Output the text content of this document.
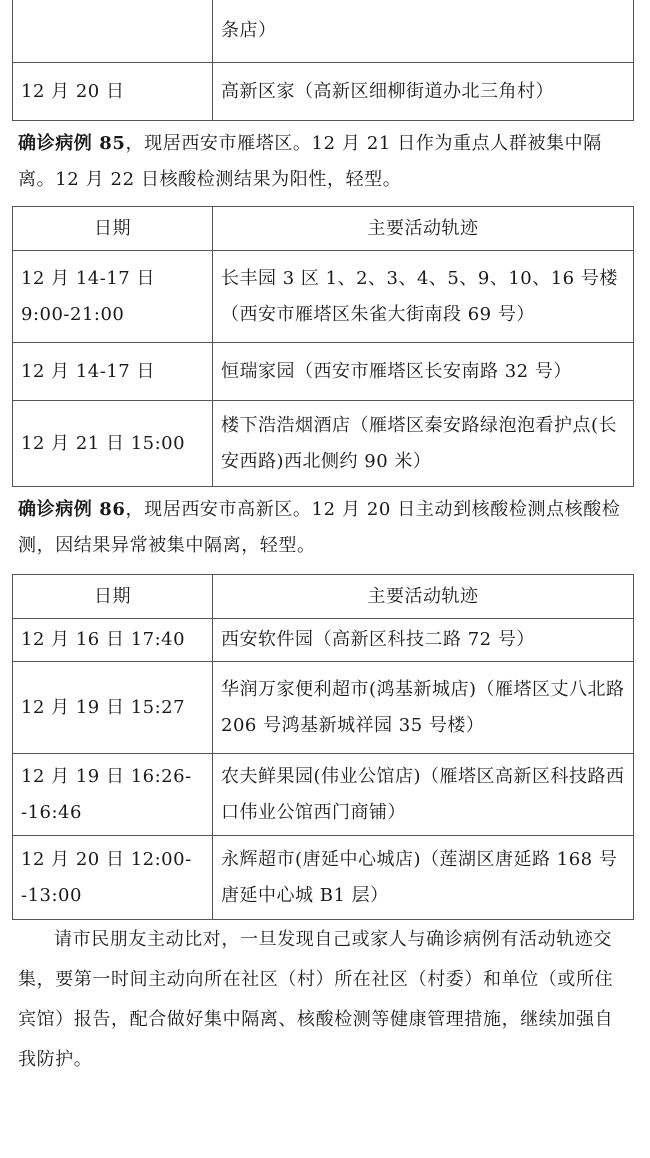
	条店）
12 月 20 日	高新区家（高新区细柳街道办北三角村）
确诊病例 85，现居西安市雁塔区。12 月 21 日作为重点人群被集中隔离。12 月 22 日核酸检测结果为阳性，轻型。
日期	主要活动轨迹
12 月 14-17 日 9:00-21:00	长丰园 3 区 1、2、3、4、5、9、10、16 号楼（西安市雁塔区朱雀大街南段 69 号）
12 月 14-17 日	恒瑞家园（西安市雁塔区长安南路 32 号）
12 月 21 日 15:00	楼下浩浩烟酒店（雁塔区秦安路绿泡泡看护点(长安西路)西北侧约 90 米）
确诊病例 86，现居西安市高新区。12 月 20 日主动到核酸检测点核酸检测，因结果异常被集中隔离，轻型。
日期	主要活动轨迹
12 月 16 日 17:40	西安软件园（高新区科技二路 72 号）
12 月 19 日 15:27	华润万家便利超市(鸿基新城店)（雁塔区丈八北路 206 号鸿基新城祥园 35 号楼）
12 月 19 日 16:26--16:46	农夫鲜果园(伟业公馆店)（雁塔区高新区科技路西口伟业公馆西门商铺）
12 月 20 日 12:00--13:00	永辉超市(唐延中心城店)（莲湖区唐延路 168 号唐延中心城 B1 层）
请市民朋友主动比对，一旦发现自己或家人与确诊病例有活动轨迹交集，要第一时间主动向所在社区（村）所在社区（村委）和单位（或所住宾馆）报告，配合做好集中隔离、核酸检测等健康管理措施，继续加强自我防护。
